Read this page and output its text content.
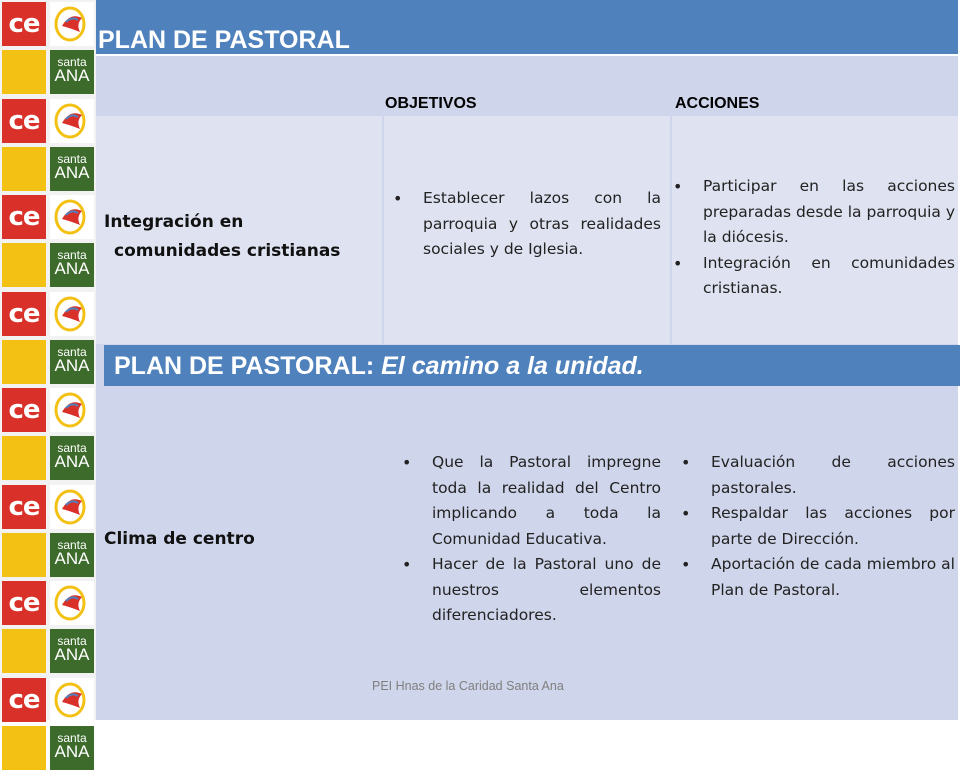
ce
santa
ANA
ce
santa
ANA
ce
santa
ANA
ce
santa
ANA
ce
santa
ANA
ce
santa
ANA
ce
santa
ANA
ce
santa
ANA
PLAN DE PASTORAL
OBJETIVOS	ACCIONES
Integración en
comunidades cristianas
• Establecer lazos con la parroquia y otras realidades sociales y de Iglesia.
• Participar en las acciones preparadas desde la parroquia y la diócesis.
• Integración en comunidades cristianas.
Clima de centro
• Que la Pastoral impregne toda la realidad del Centro implicando a toda la Comunidad Educativa.
• Hacer de la Pastoral uno de nuestros elementos diferenciadores.
• Evaluación de acciones pastorales.
• Respaldar las acciones por parte de Dirección.
• Aportación de cada miembro al Plan de Pastoral.
PLAN DE PASTORAL: El camino a la unidad.
PEI Hnas de la Caridad Santa Ana
